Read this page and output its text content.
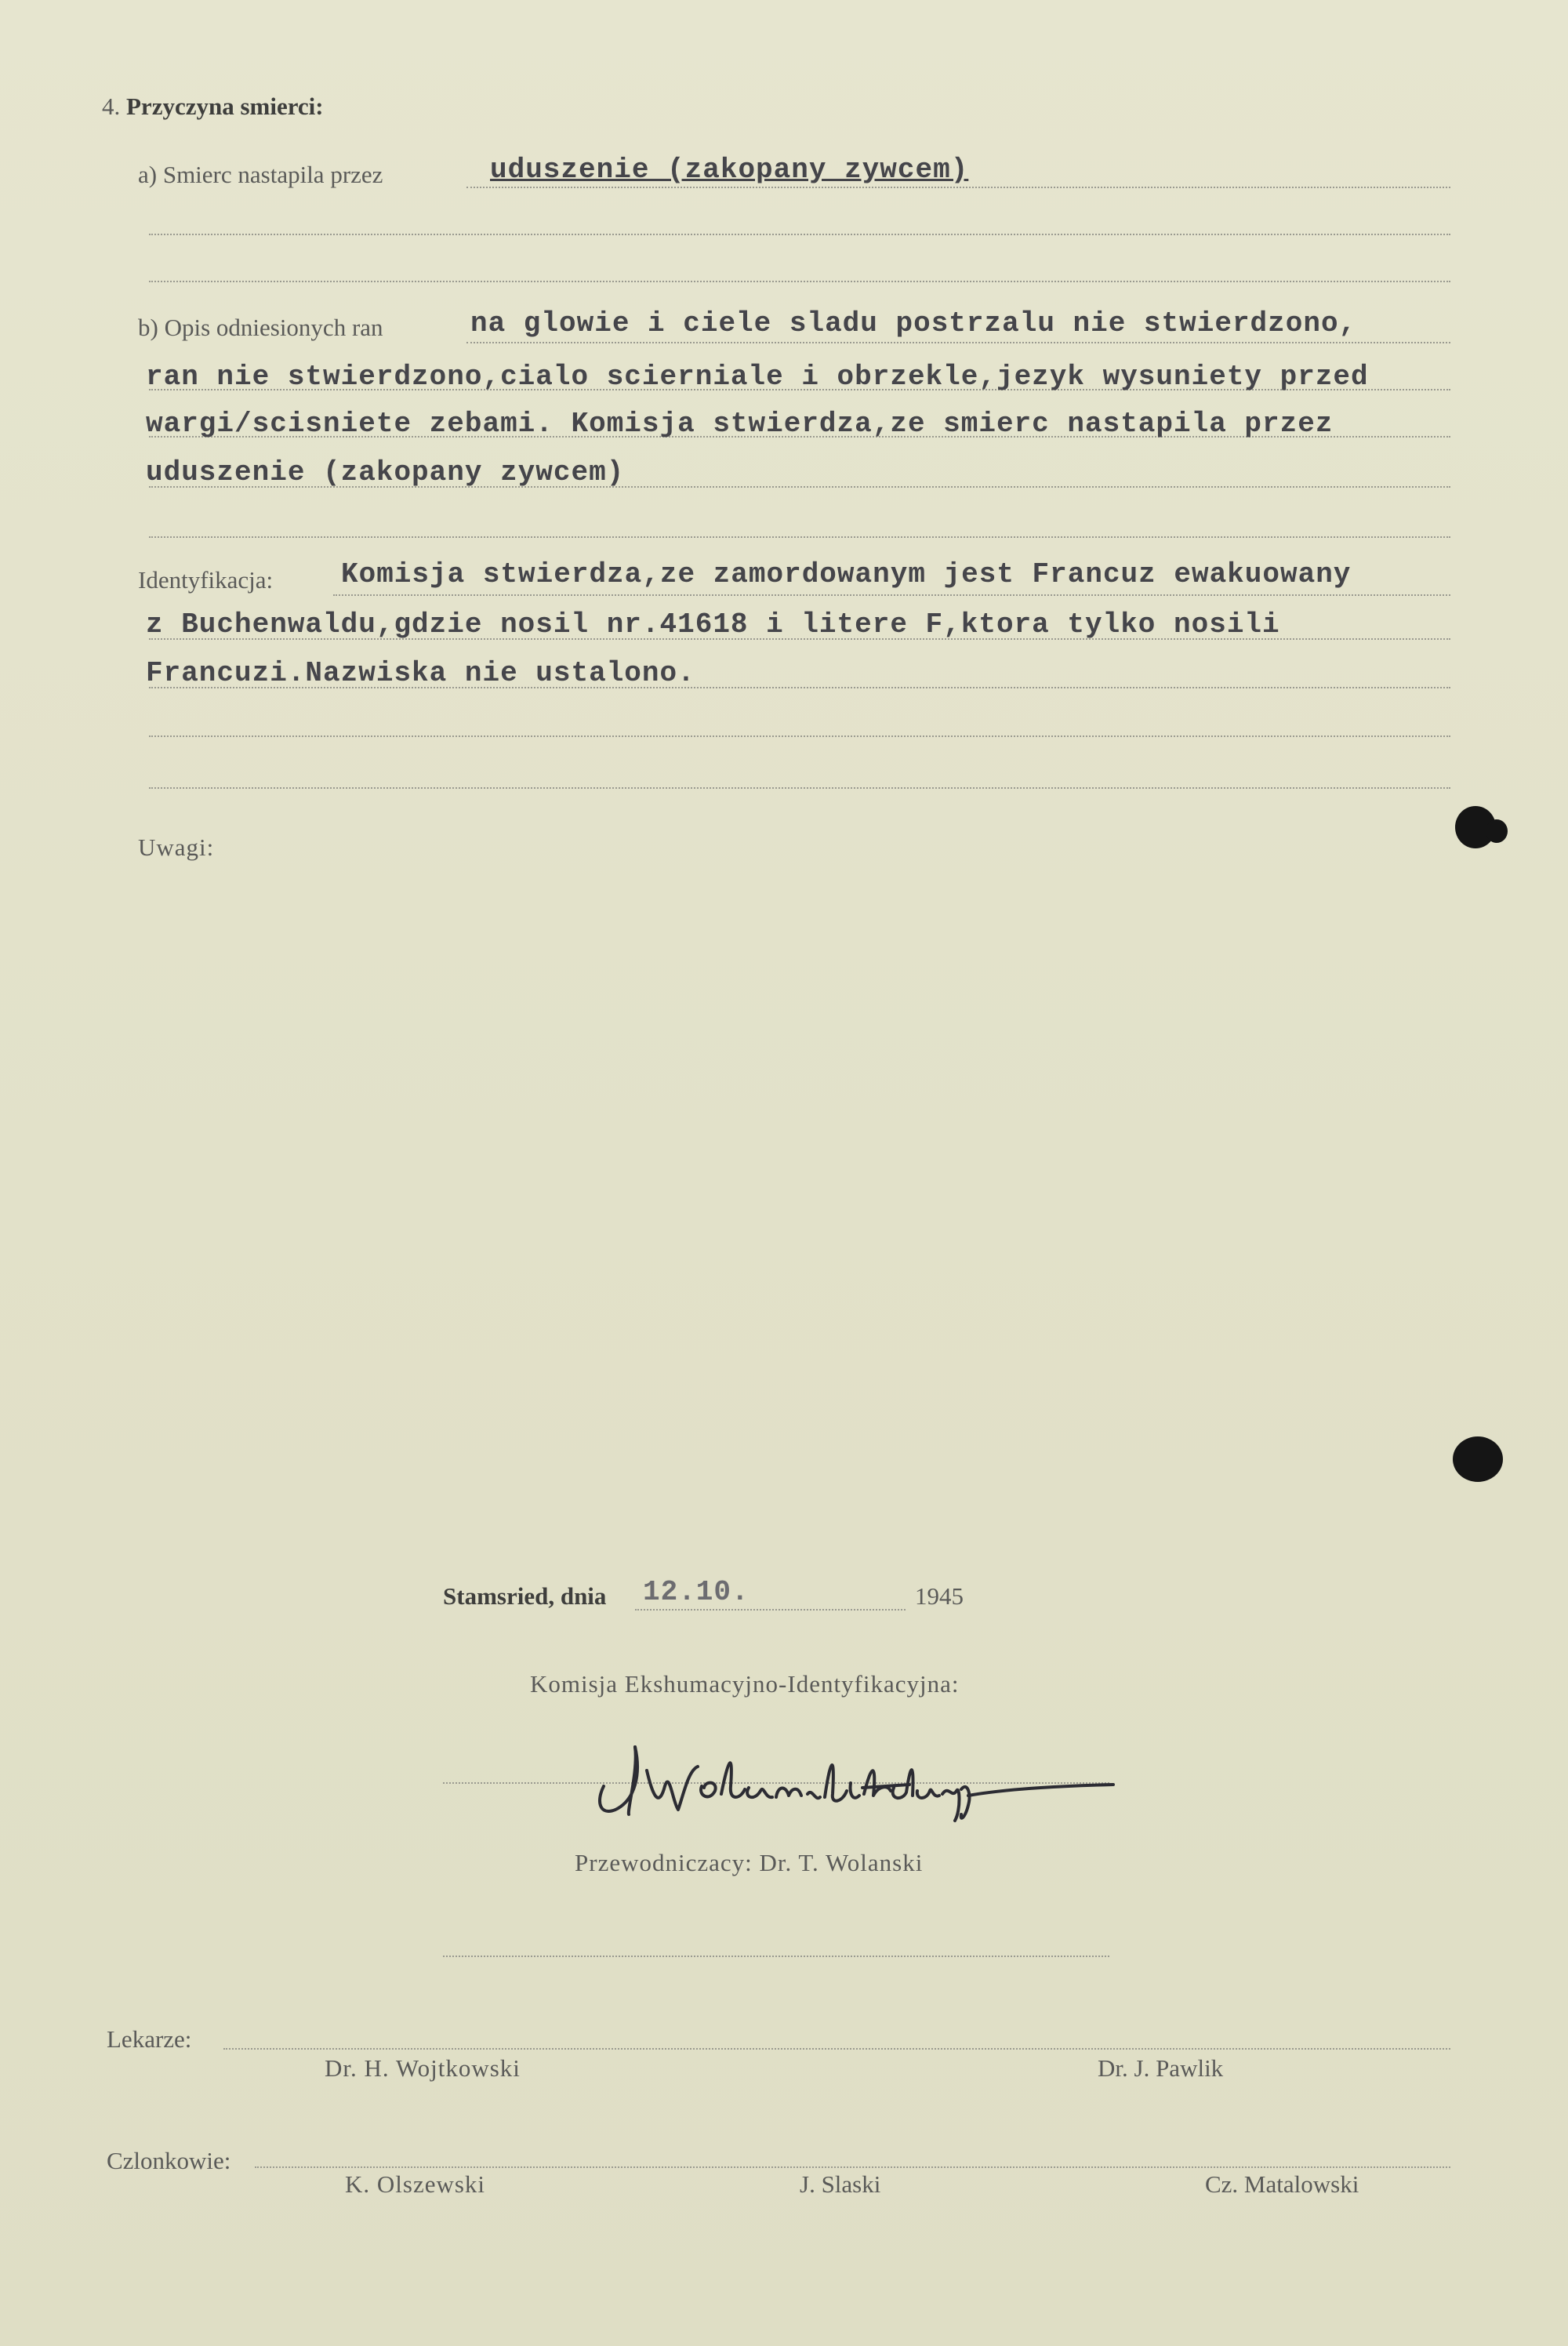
4. Przyczyna smierci:
a) Smierc nastapila przez	uduszenie (zakopany zywcem)
b) Opis odniesionych ran	na glowie i ciele sladu postrzalu nie stwierdzono,
ran nie stwierdzono,cialo scierniale i obrzekle,jezyk wysuniety przed
wargi/scisniete zebami. Komisja stwierdza,ze smierc nastapila przez
uduszenie (zakopany zywcem)
Identyfikacja: Komisja stwierdza,ze zamordowanym jest Francuz ewakuowany
z Buchenwaldu,gdzie nosil nr.41618 i litere F,ktora tylko nosili
Francuzi.Nazwiska nie ustalono.
Uwagi:
Stamsried, dnia 12.10.	1945
Komisja Ekshumacyjno-Identyfikacyjna:
Przewodniczacy: Dr. T. Wolanski
Lekarze:
Dr. H. Wojtkowski	Dr. J. Pawlik
Czlonkowie:
K. Olszewski	J. Slaski	Cz. Matalowski
